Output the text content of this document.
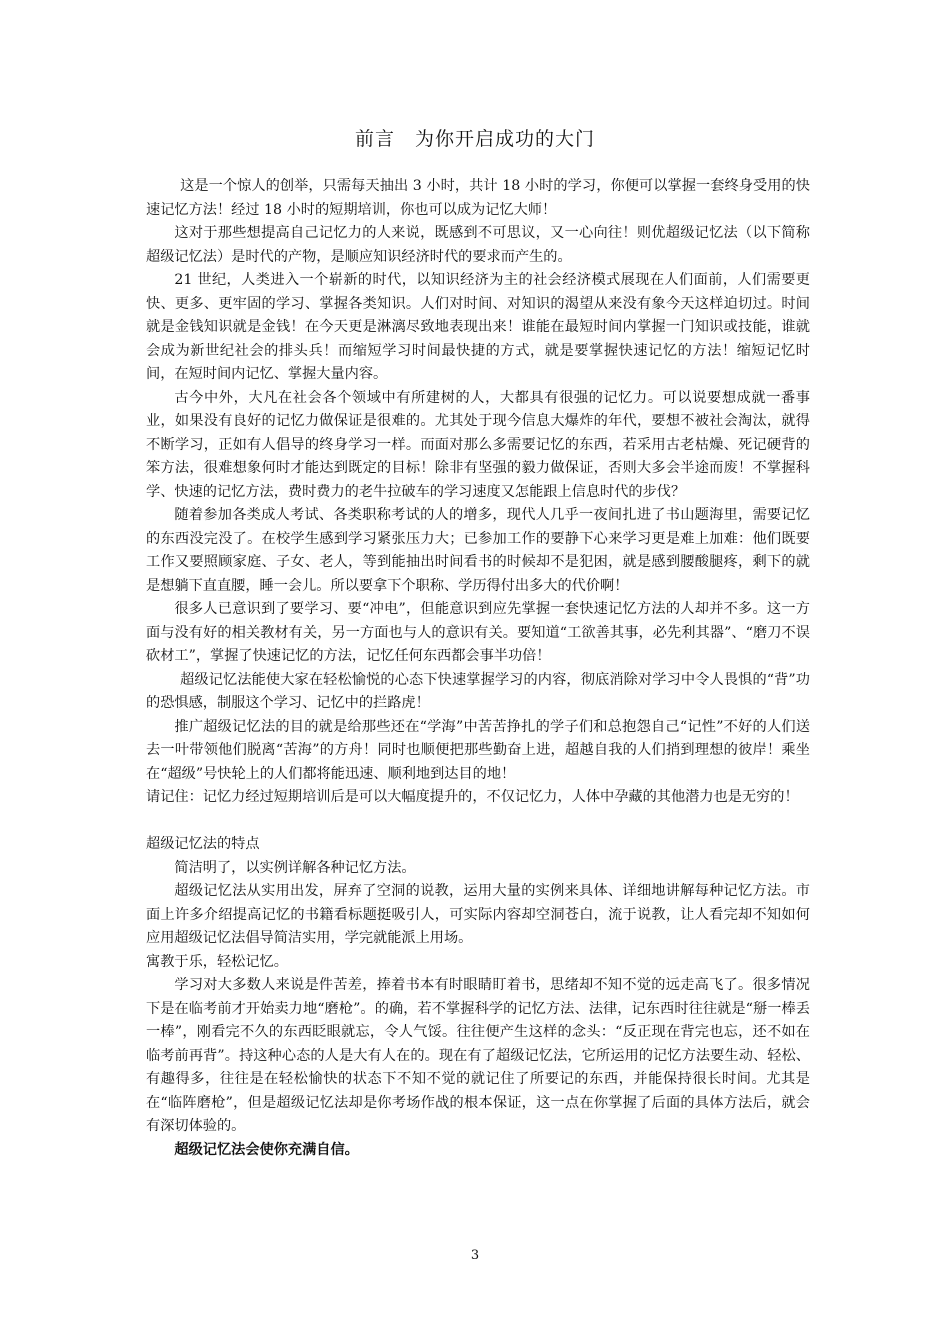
前言　为你开启成功的大门

这是一个惊人的创举，只需每天抽出 3 小时，共计 18 小时的学习，你便可以掌握一套终身受用的快速记忆方法！经过 18 小时的短期培训，你也可以成为记忆大师！

这对于那些想提高自己记忆力的人来说，既感到不可思议，又一心向往！则优超级记忆法（以下简称超级记忆法）是时代的产物，是顺应知识经济时代的要求而产生的。

21 世纪，人类进入一个崭新的时代，以知识经济为主的社会经济模式展现在人们面前，人们需要更快、更多、更牢固的学习、掌握各类知识。人们对时间、对知识的渴望从来没有象今天这样迫切过。时间就是金钱知识就是金钱！在今天更是淋漓尽致地表现出来！谁能在最短时间内掌握一门知识或技能，谁就会成为新世纪社会的排头兵！而缩短学习时间最快捷的方式，就是要掌握快速记忆的方法！缩短记忆时间，在短时间内记忆、掌握大量内容。

古今中外，大凡在社会各个领域中有所建树的人，大都具有很强的记忆力。可以说要想成就一番事业，如果没有良好的记忆力做保证是很难的。尤其处于现今信息大爆炸的年代，要想不被社会淘汰，就得不断学习，正如有人倡导的终身学习一样。而面对那么多需要记忆的东西，若采用古老枯燥、死记硬背的笨方法，很难想象何时才能达到既定的目标！除非有坚强的毅力做保证，否则大多会半途而废！不掌握科学、快速的记忆方法，费时费力的老牛拉破车的学习速度又怎能跟上信息时代的步伐？

随着参加各类成人考试、各类职称考试的人的增多，现代人几乎一夜间扎进了书山题海里，需要记忆的东西没完没了。在校学生感到学习紧张压力大；已参加工作的要静下心来学习更是难上加难：他们既要工作又要照顾家庭、子女、老人，等到能抽出时间看书的时候却不是犯困，就是感到腰酸腿疼，剩下的就是想躺下直直腰，睡一会儿。所以要拿下个职称、学历得付出多大的代价啊！

很多人已意识到了要学习、要“冲电”，但能意识到应先掌握一套快速记忆方法的人却并不多。这一方面与没有好的相关教材有关，另一方面也与人的意识有关。要知道“工欲善其事，必先利其器”、“磨刀不误砍材工”，掌握了快速记忆的方法，记忆任何东西都会事半功倍！

超级记忆法能使大家在轻松愉悦的心态下快速掌握学习的内容，彻底消除对学习中令人畏惧的“背”功的恐惧感，制服这个学习、记忆中的拦路虎！

推广超级记忆法的目的就是给那些还在“学海”中苦苦挣扎的学子们和总抱怨自己“记性”不好的人们送去一叶带领他们脱离“苦海”的方舟！同时也顺便把那些勤奋上进，超越自我的人们捎到理想的彼岸！乘坐在“超级”号快轮上的人们都将能迅速、顺利地到达目的地！

请记住：记忆力经过短期培训后是可以大幅度提升的，不仅记忆力，人体中孕藏的其他潜力也是无穷的！

超级记忆法的特点

简洁明了，以实例详解各种记忆方法。

超级记忆法从实用出发，屏弃了空洞的说教，运用大量的实例来具体、详细地讲解每种记忆方法。市面上许多介绍提高记忆的书籍看标题挺吸引人，可实际内容却空洞苍白，流于说教，让人看完却不知如何应用超级记忆法倡导简洁实用，学完就能派上用场。

寓教于乐，轻松记忆。

学习对大多数人来说是件苦差，捧着书本有时眼睛盯着书，思绪却不知不觉的远走高飞了。很多情况下是在临考前才开始卖力地“磨枪”。的确，若不掌握科学的记忆方法、法律，记东西时往往就是“掰一棒丢一棒”，刚看完不久的东西眨眼就忘，令人气馁。往往便产生这样的念头：“反正现在背完也忘，还不如在临考前再背”。持这种心态的人是大有人在的。现在有了超级记忆法，它所运用的记忆方法要生动、轻松、有趣得多，往往是在轻松愉快的状态下不知不觉的就记住了所要记的东西，并能保持很长时间。尤其是在“临阵磨枪”，但是超级记忆法却是你考场作战的根本保证，这一点在你掌握了后面的具体方法后，就会有深切体验的。

超级记忆法会使你充满自信。

3
